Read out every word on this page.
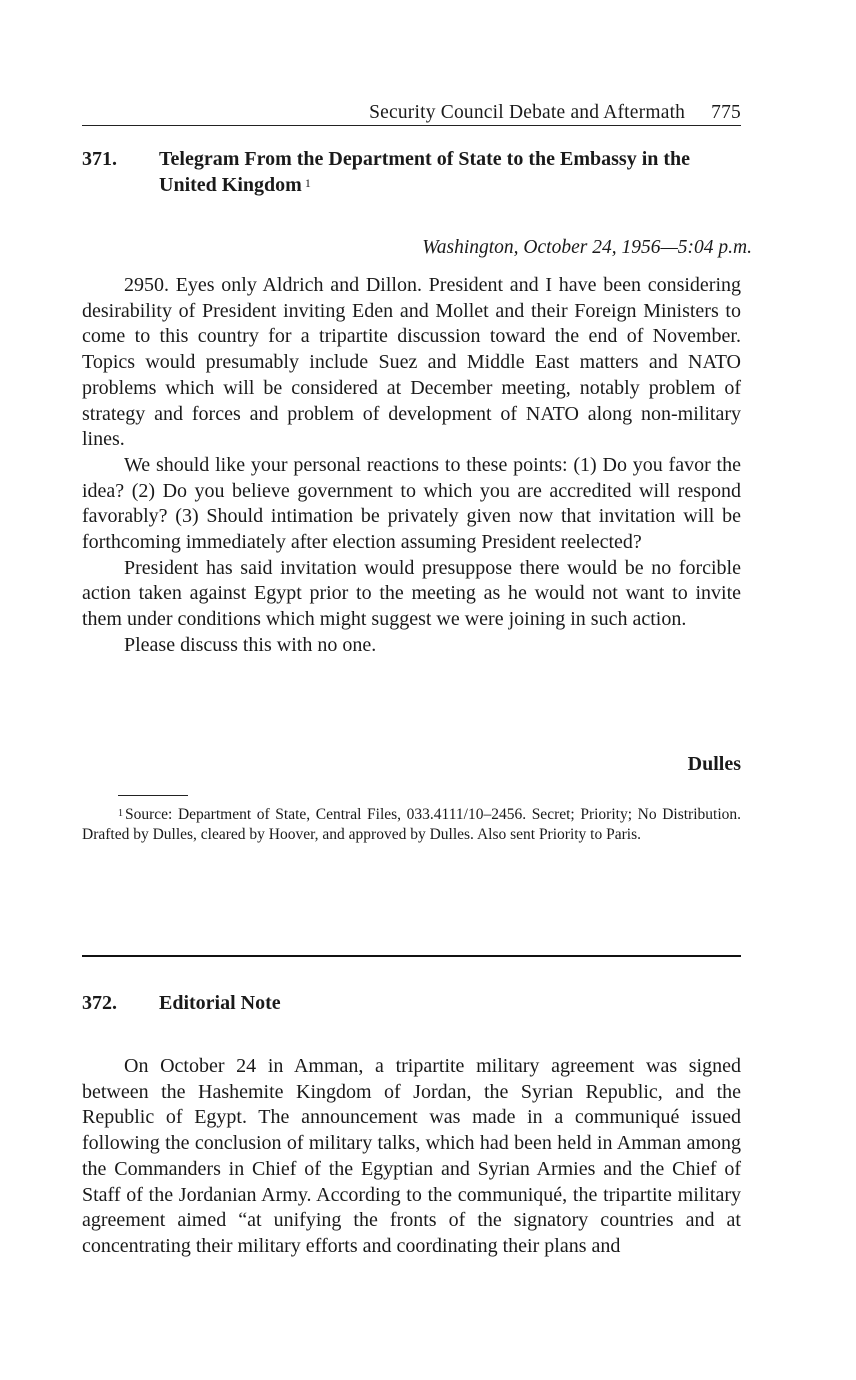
Security Council Debate and Aftermath 775
371. Telegram From the Department of State to the Embassy in the United Kingdom $^1$
Washington, October 24, 1956—5:04 p.m.

2950. Eyes only Aldrich and Dillon. President and I have been considering desirability of President inviting Eden and Mollet and their Foreign Ministers to come to this country for a tripartite discussion toward the end of November. Topics would presumably include Suez and Middle East matters and NATO problems which will be considered at December meeting, notably problem of strategy and forces and problem of development of NATO along non-military lines.

We should like your personal reactions to these points: (1) Do you favor the idea? (2) Do you believe government to which you are accredited will respond favorably? (3) Should intimation be privately given now that invitation will be forthcoming immediately after election assuming President reelected?

President has said invitation would presuppose there would be no forcible action taken against Egypt prior to the meeting as he would not want to invite them under conditions which might suggest we were joining in such action.

Please discuss this with no one.

Dulles

$^1$ Source: Department of State, Central Files, 033.4111/10–2456. Secret; Priority; No Distribution. Drafted by Dulles, cleared by Hoover, and approved by Dulles. Also sent Priority to Paris.

372. Editorial Note

On October 24 in Amman, a tripartite military agreement was signed between the Hashemite Kingdom of Jordan, the Syrian Republic, and the Republic of Egypt. The announcement was made in a communiqué issued following the conclusion of military talks, which had been held in Amman among the Commanders in Chief of the Egyptian and Syrian Armies and the Chief of Staff of the Jordanian Army. According to the communiqué, the tripartite military agreement aimed “at unifying the fronts of the signatory countries and at concentrating their military efforts and coordinating their plans and
